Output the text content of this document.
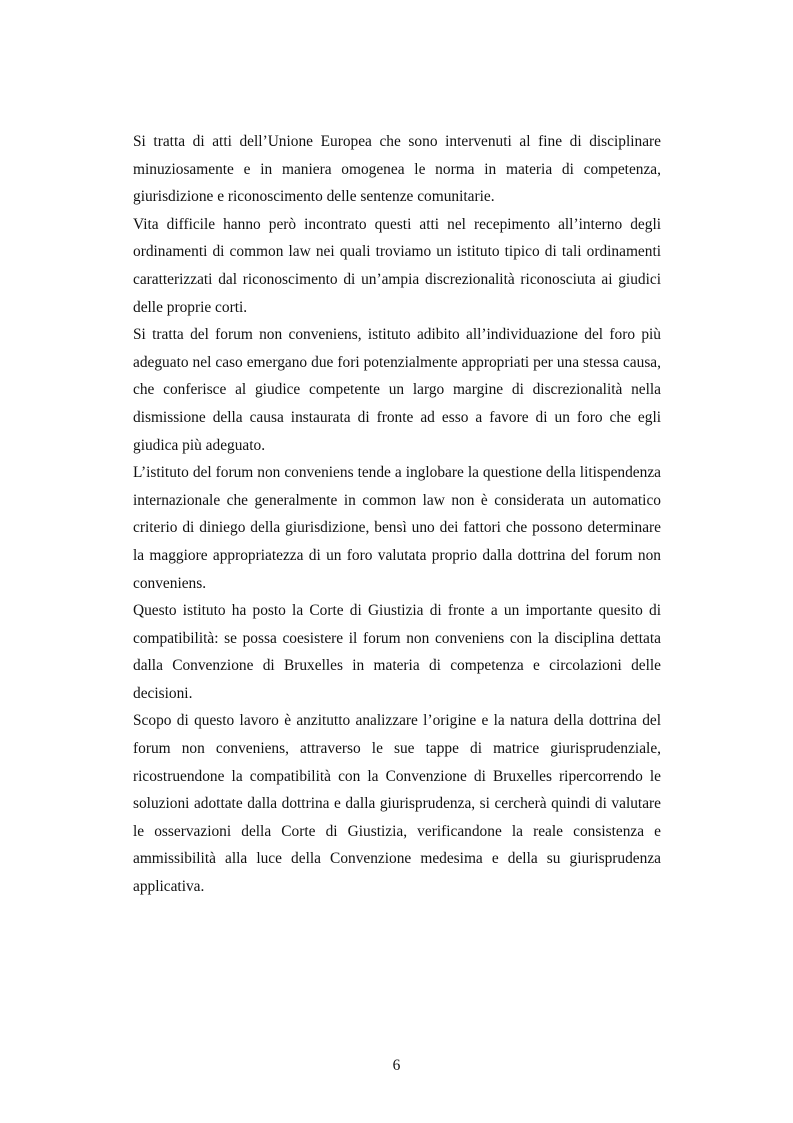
Si tratta di atti dell’Unione Europea che sono intervenuti al fine di disciplinare minuziosamente e in maniera omogenea le norma in materia di competenza, giurisdizione e riconoscimento delle sentenze comunitarie.

Vita difficile hanno però incontrato questi atti nel recepimento all’interno degli ordinamenti di common law nei quali troviamo un istituto tipico di tali ordinamenti caratterizzati dal riconoscimento di un’ampia discrezionalità riconosciuta ai giudici delle proprie corti.

Si tratta del forum non conveniens, istituto adibito all’individuazione del foro più adeguato nel caso emergano due fori potenzialmente appropriati per una stessa causa, che conferisce al giudice competente un largo margine di discrezionalità nella dismissione della causa instaurata di fronte ad esso a favore di un foro che egli giudica più adeguato.

L’istituto del forum non conveniens tende a inglobare la questione della litispendenza internazionale che generalmente in common law non è considerata un automatico criterio di diniego della giurisdizione, bensì uno dei fattori che possono determinare la maggiore appropriatezza di un foro valutata proprio dalla dottrina del forum non conveniens.

Questo istituto ha posto la Corte di Giustizia di fronte a un importante quesito di compatibilità: se possa coesistere il forum non conveniens con la disciplina dettata dalla Convenzione di Bruxelles in materia di competenza e circolazioni delle decisioni.

Scopo di questo lavoro è anzitutto analizzare l’origine e la natura della dottrina del forum non conveniens, attraverso le sue tappe di matrice giurisprudenziale, ricostruendone la compatibilità con la Convenzione di Bruxelles ripercorrendo le soluzioni adottate dalla dottrina e dalla giurisprudenza, si cercherà quindi di valutare le osservazioni della Corte di Giustizia, verificandone la reale consistenza e ammissibilità alla luce della Convenzione medesima e della su giurisprudenza applicativa.

6
